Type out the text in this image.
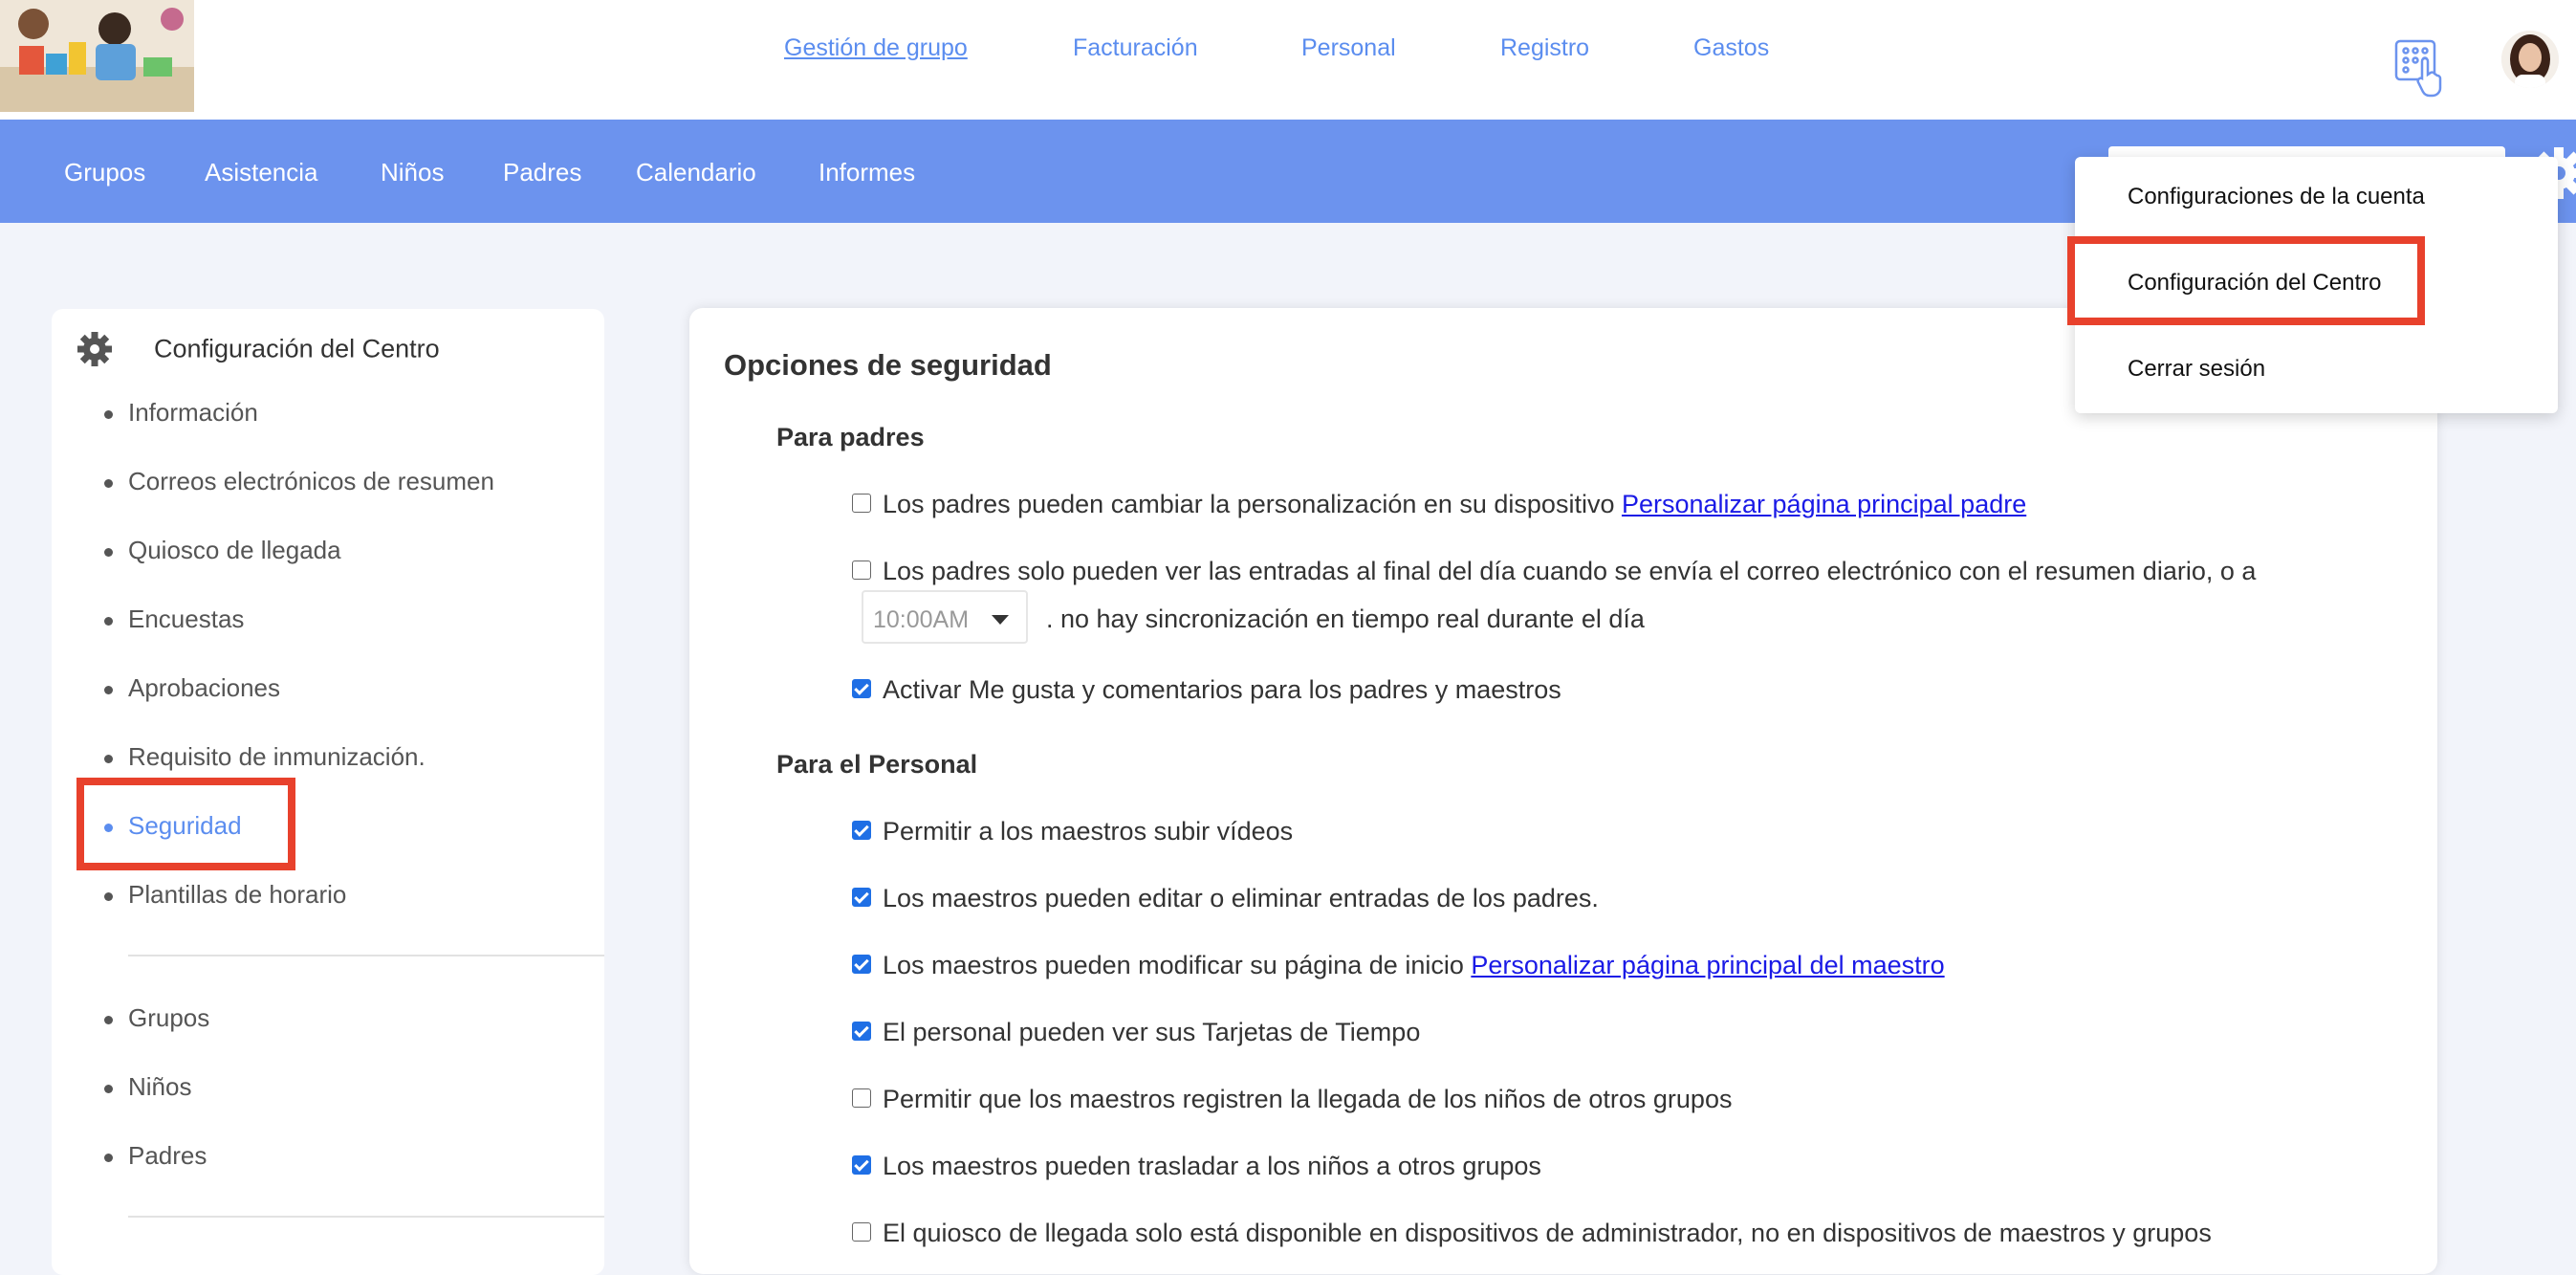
Gestión de grupo	Facturación	Personal	Registro	Gastos
Grupos Asistencia	Niños Padres Calendario	Informes
Configuración del Centro
Información
Correos electrónicos de resumen
Quiosco de llegada
Encuestas
Aprobaciones
Requisito de inmunización.
Seguridad
Plantillas de horario
Grupos
Niños
Padres
Opciones de seguridad
Para padres
Los padres pueden cambiar la personalización en su dispositivo Personalizar página principal padre
Los padres solo pueden ver las entradas al final del día cuando se envía el correo electrónico con el resumen diario, o a
10:00AM	. no hay sincronización en tiempo real durante el día
Activar Me gusta y comentarios para los padres y maestros
Para el Personal
Permitir a los maestros subir vídeos
Los maestros pueden editar o eliminar entradas de los padres.
Los maestros pueden modificar su página de inicio Personalizar página principal del maestro
El personal pueden ver sus Tarjetas de Tiempo
Permitir que los maestros registren la llegada de los niños de otros grupos
Los maestros pueden trasladar a los niños a otros grupos
El quiosco de llegada solo está disponible en dispositivos de administrador, no en dispositivos de maestros y grupos
Configuraciones de la cuenta
Configuración del Centro
Cerrar sesión
